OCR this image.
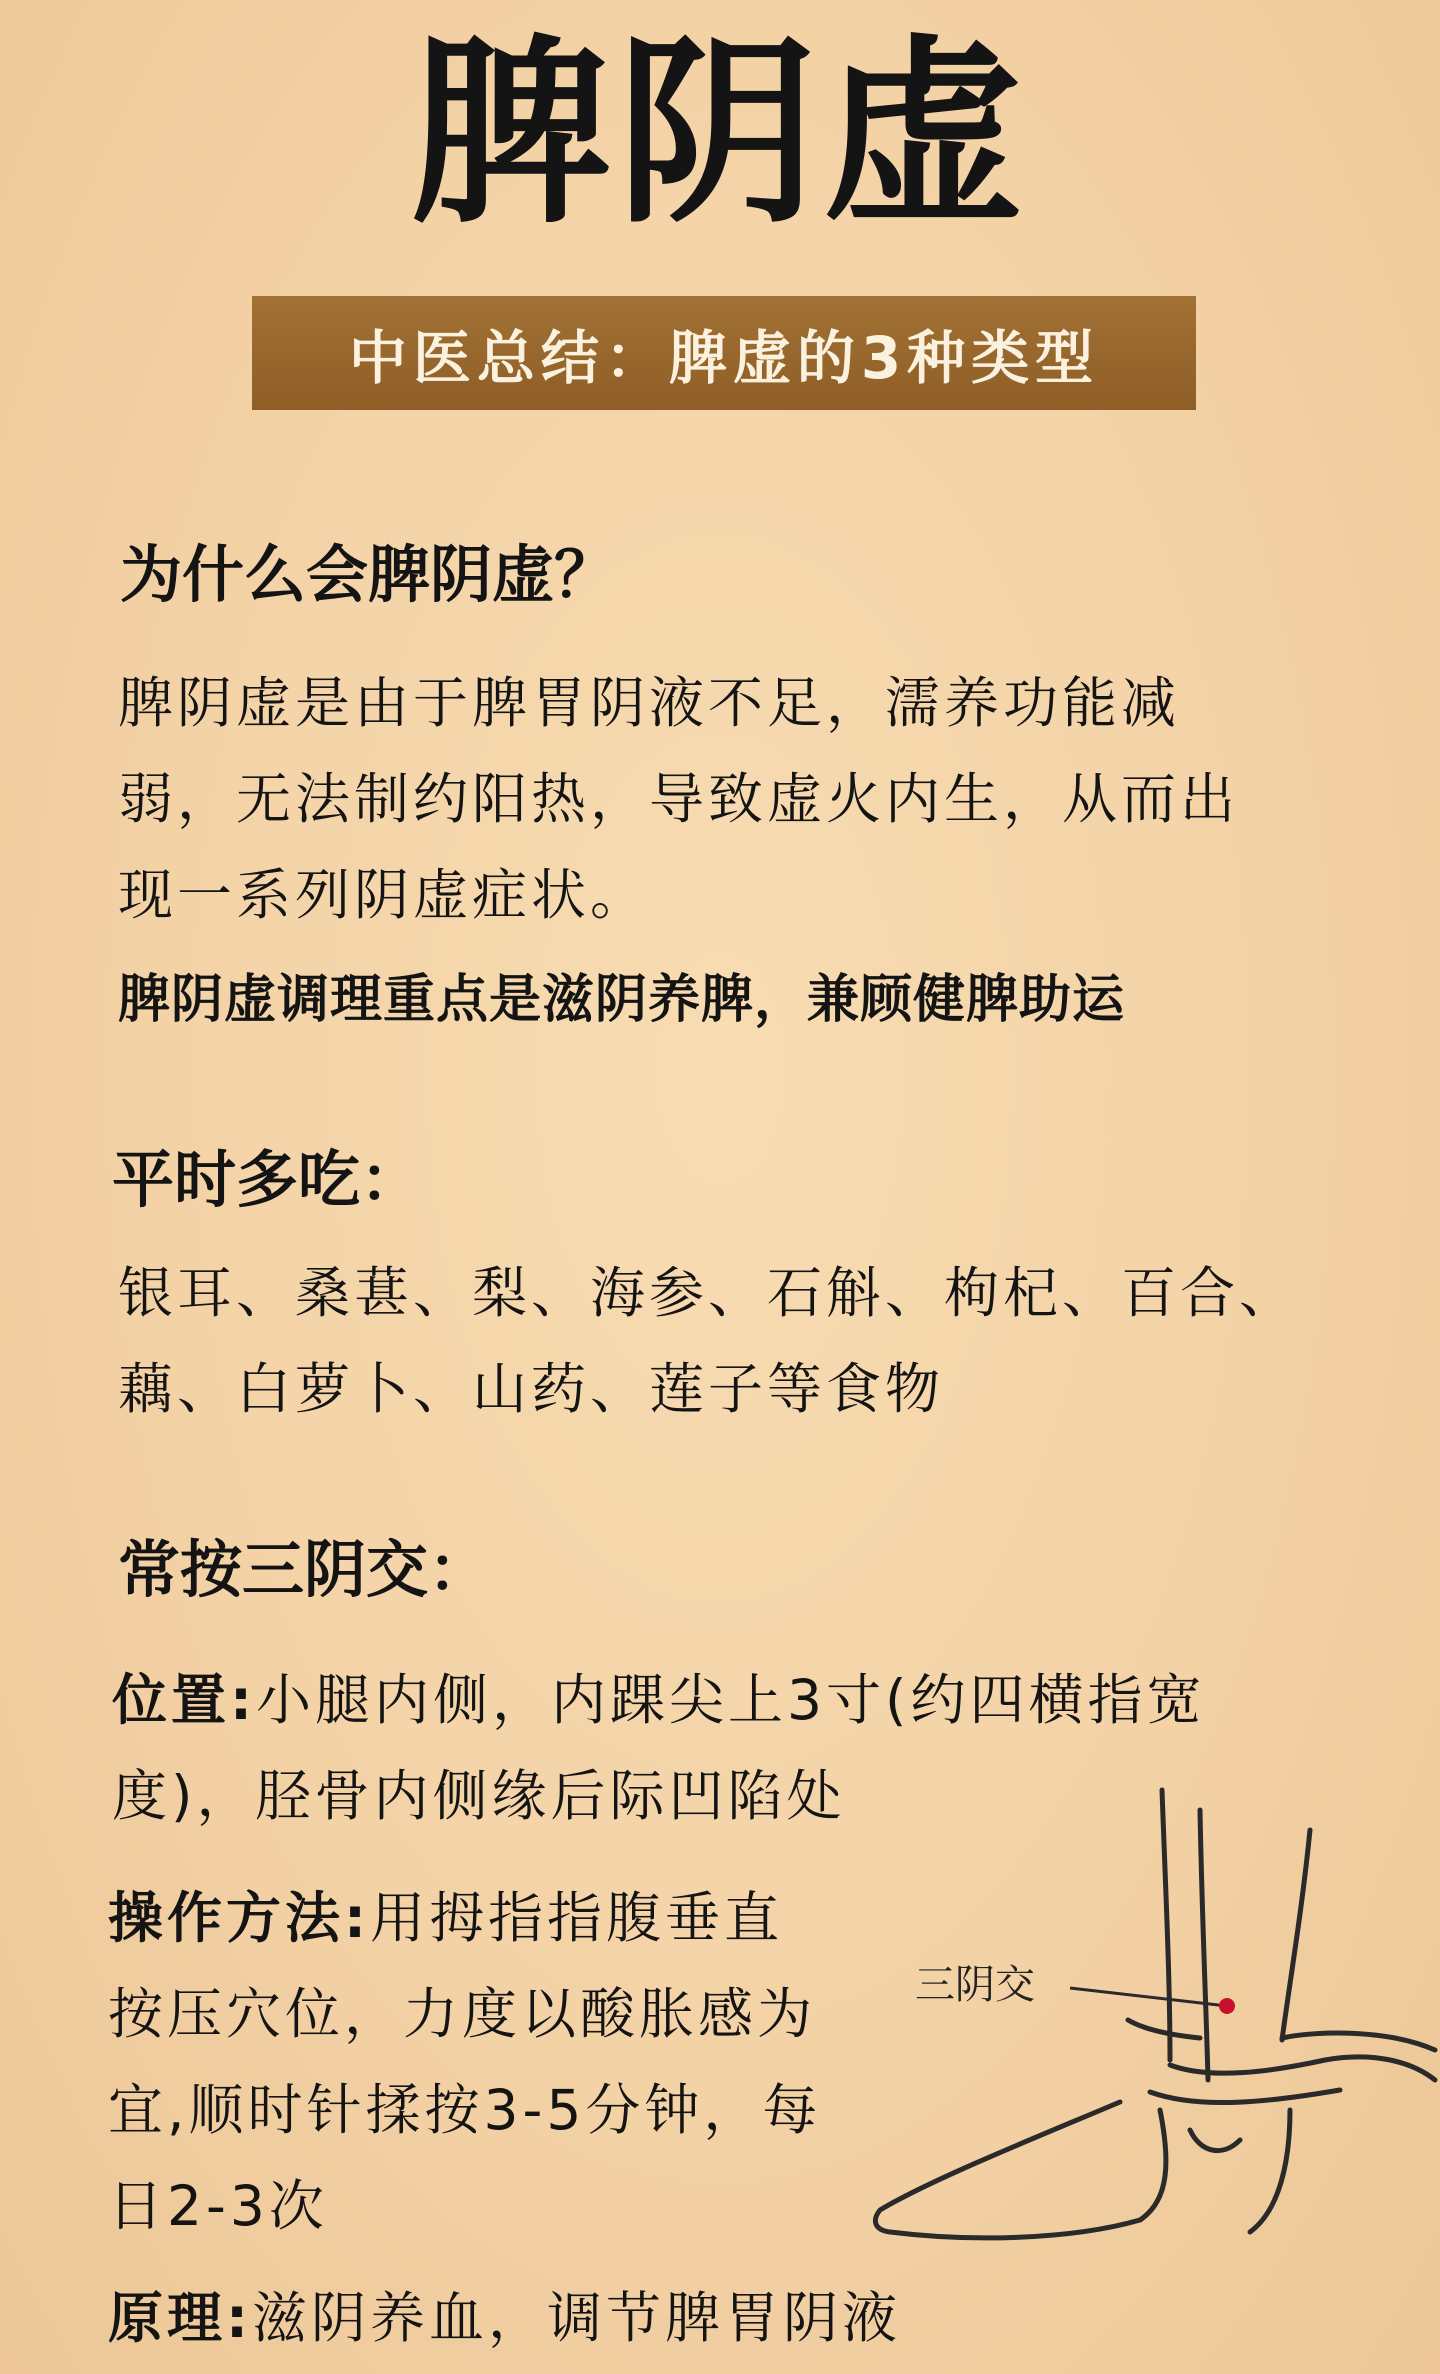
脾阴虚
中医总结：脾虚的3种类型
为什么会脾阴虚？
脾阴虚是由于脾胃阴液不足，濡养功能减
弱，无法制约阳热，导致虚火内生，从而出
现一系列阴虚症状。
脾阴虚调理重点是滋阴养脾，兼顾健脾助运
平时多吃：
银耳、桑葚、梨、海参、石斛、枸杞、百合、
藕、白萝卜、山药、莲子等食物
常按三阴交：
位置:小腿内侧，内踝尖上3寸(约四横指宽
度)，胫骨内侧缘后际凹陷处
操作方法:用拇指指腹垂直
按压穴位，力度以酸胀感为
宜,顺时针揉按3-5分钟，每
日2-3次
原理:滋阴养血，调节脾胃阴液
三阴交
